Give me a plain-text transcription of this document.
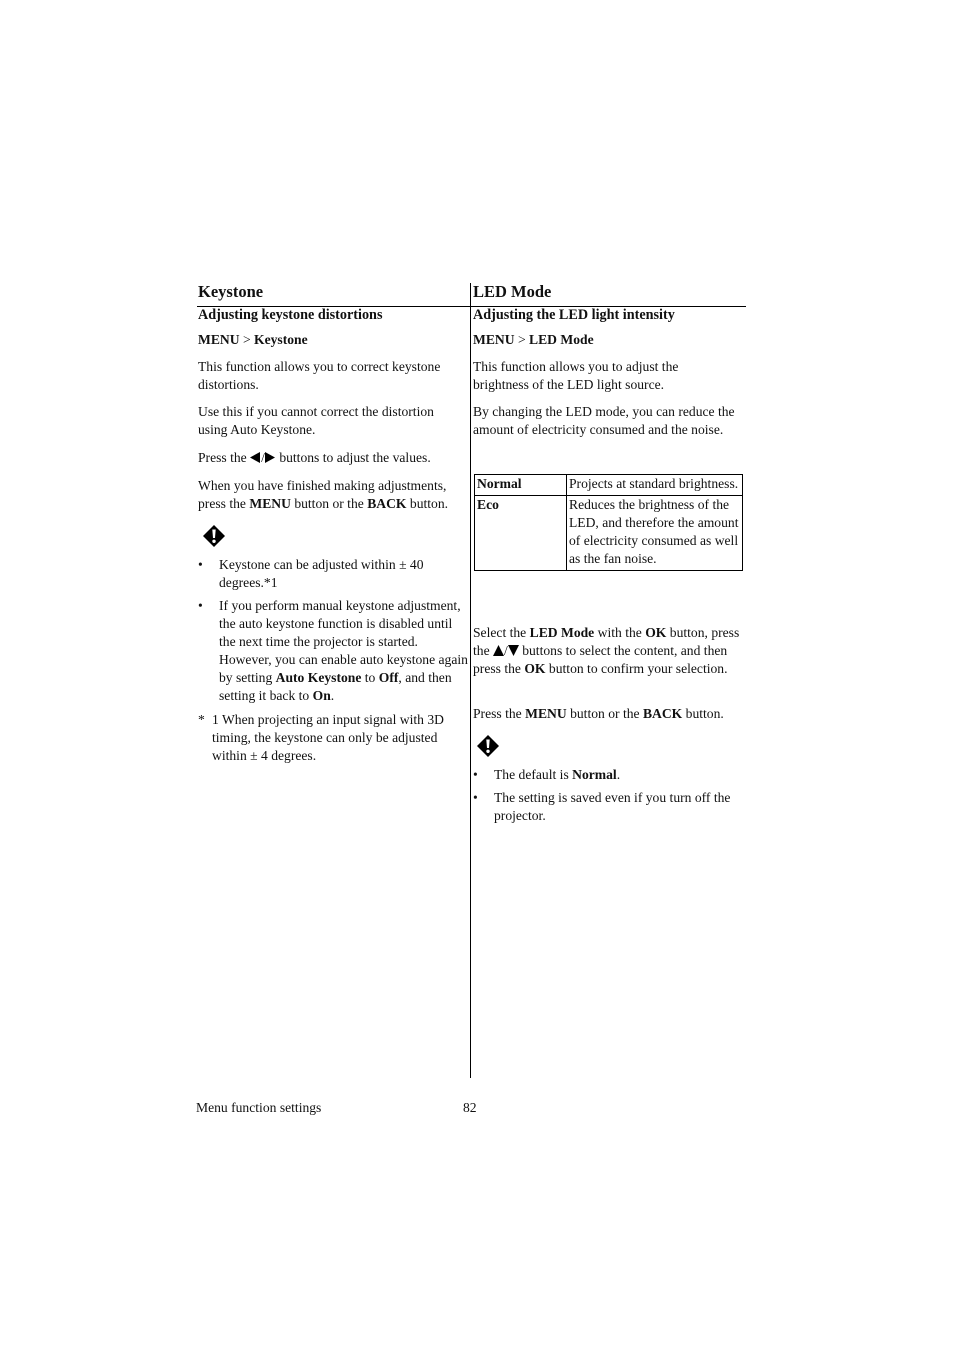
Keystone
Adjusting keystone distortions
MENU > Keystone
This function allows you to correct keystone distortions.
Use this if you cannot correct the distortion using Auto Keystone.
Press the / buttons to adjust the values.
When you have finished making adjustments, press the MENU button or the BACK button.
• Keystone can be adjusted within ± 40 degrees.*1
• If you perform manual keystone adjustment, the auto keystone function is disabled until the next time the projector is started. However, you can enable auto keystone again by setting Auto Keystone to Off, and then setting it back to On.
* 1 When projecting an input signal with 3D timing, the keystone can only be adjusted within ± 4 degrees.
LED Mode
Adjusting the LED light intensity
MENU > LED Mode
This function allows you to adjust the brightness of the LED light source.
By changing the LED mode, you can reduce the amount of electricity consumed and the noise.
Normal	Projects at standard brightness.
Eco	Reduces the brightness of the LED, and therefore the amount of electricity consumed as well as the fan noise.
Select the LED Mode with the OK button, press the / buttons to select the content, and then press the OK button to confirm your selection.
Press the MENU button or the BACK button.
• The default is Normal.
• The setting is saved even if you turn off the projector.
Menu function settings	82
